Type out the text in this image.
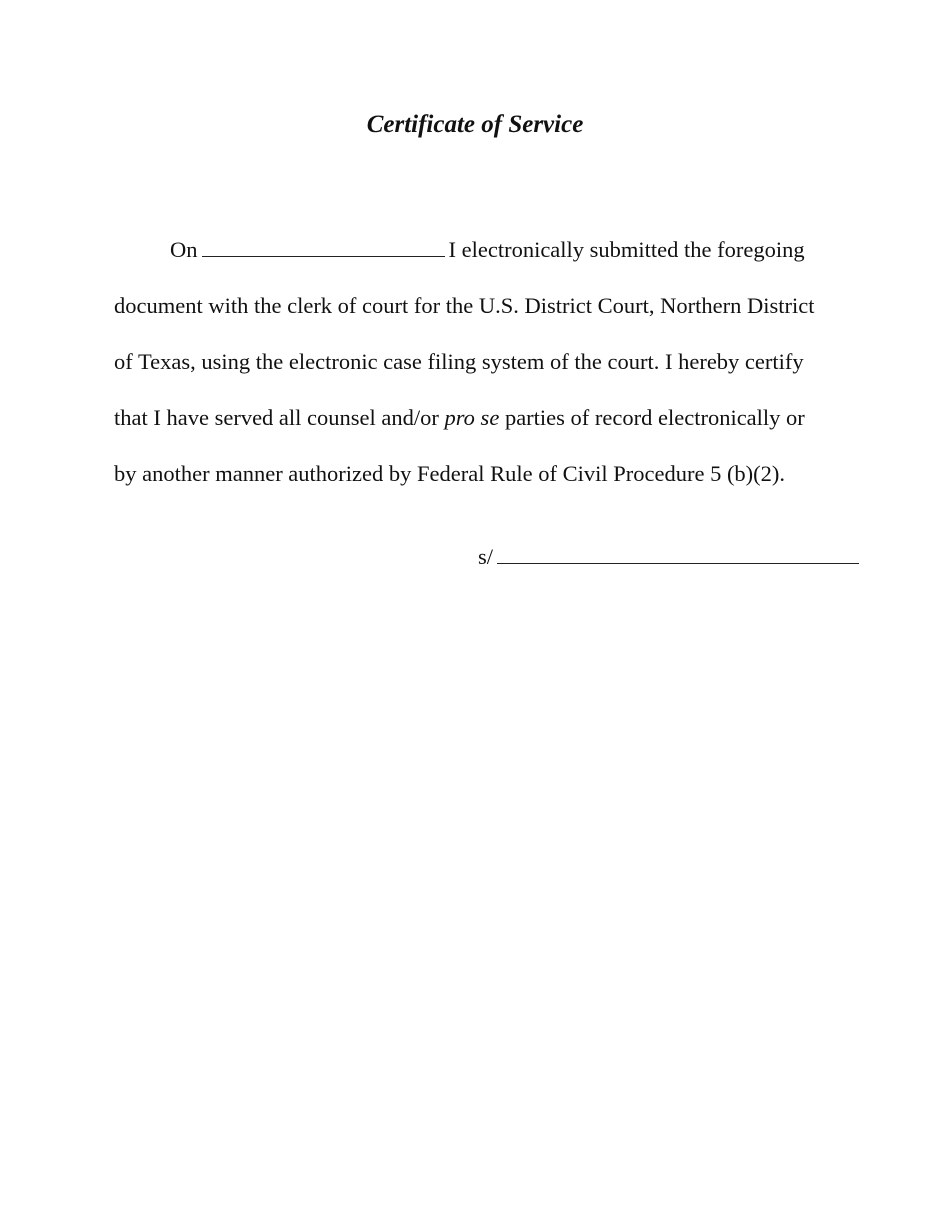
Certificate of Service
On	I electronically submitted the foregoing
document with the clerk of court for the U.S. District Court, Northern District
of Texas, using the electronic case filing system of the court. I hereby certify
that I have served all counsel and/or pro se parties of record electronically or
by another manner authorized by Federal Rule of Civil Procedure 5 (b)(2).
s/
